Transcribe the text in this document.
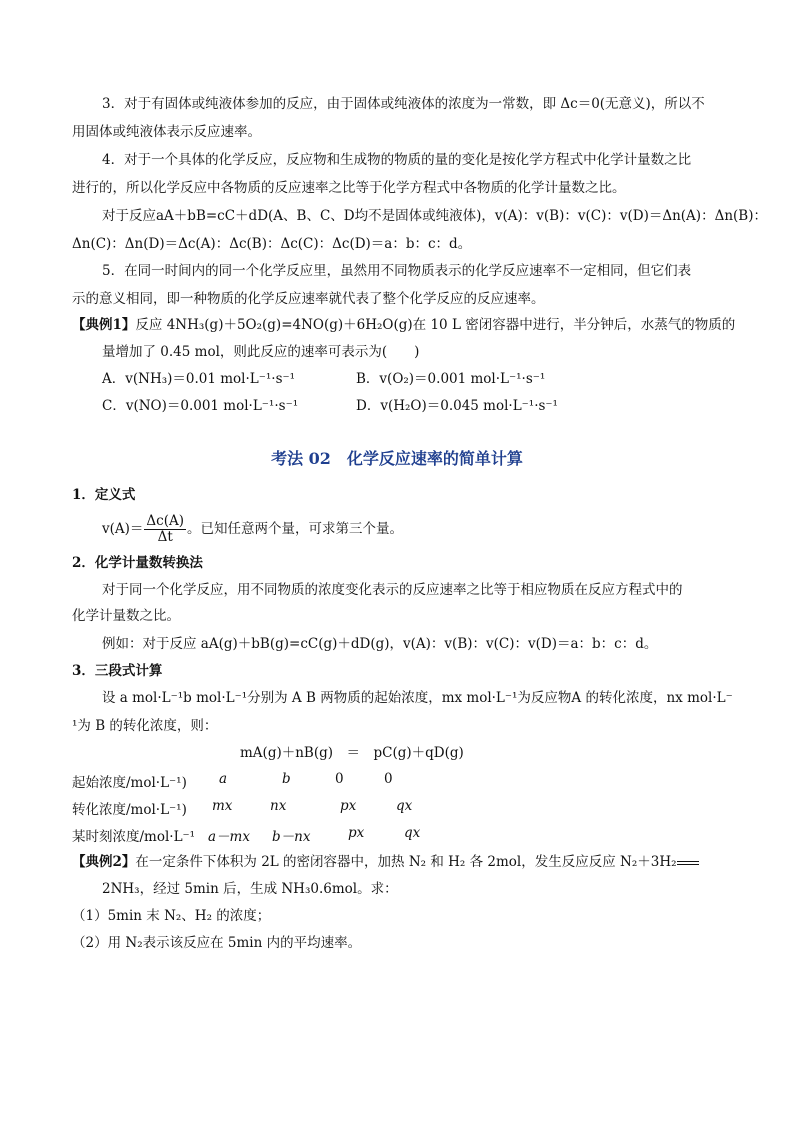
3．对于有固体或纯液体参加的反应，由于固体或纯液体的浓度为一常数，即 Δc＝0(无意义)，所以不
用固体或纯液体表示反应速率。
4．对于一个具体的化学反应，反应物和生成物的物质的量的变化是按化学方程式中化学计量数之比
进行的，所以化学反应中各物质的反应速率之比等于化学方程式中各物质的化学计量数之比。
对于反应aA＋bB=cC＋dD(A、B、C、D均不是固体或纯液体)，v(A)：v(B)：v(C)：v(D)＝Δn(A)：Δn(B)：
Δn(C)：Δn(D)＝Δc(A)：Δc(B)：Δc(C)：Δc(D)＝a：b：c：d。
5．在同一时间内的同一个化学反应里，虽然用不同物质表示的化学反应速率不一定相同，但它们表
示的意义相同，即一种物质的化学反应速率就代表了整个化学反应的反应速率。
【典例1】反应 4NH₃(g)＋5O₂(g)=4NO(g)＋6H₂O(g)在 10 L 密闭容器中进行，半分钟后，水蒸气的物质的
量增加了 0.45 mol，则此反应的速率可表示为(　　)
A．v(NH₃)＝0.01 mol·L⁻¹·s⁻¹	B．v(O₂)＝0.001 mol·L⁻¹·s⁻¹
C．v(NO)＝0.001 mol·L⁻¹·s⁻¹	D．v(H₂O)＝0.045 mol·L⁻¹·s⁻¹
考法 02　化学反应速率的简单计算
1．定义式
$v(A)= \frac{\Delta c(A)}{\Delta t}$ 。已知任意两个量，可求第三个量。
2．化学计量数转换法
对于同一个化学反应，用不同物质的浓度变化表示的反应速率之比等于相应物质在反应方程式中的
化学计量数之比。
例如：对于反应 aA(g)＋bB(g)=cC(g)＋dD(g)，v(A)：v(B)：v(C)：v(D)＝a：b：c：d。
3．三段式计算
设 a mol·L⁻¹b mol·L⁻¹分别为 A B 两物质的起始浓度，mx mol·L⁻¹为反应物A 的转化浓度，nx mol·L⁻
¹为 B 的转化浓度，则：
mA(g)＋nB(g)　＝　pC(g)＋qD(g)
起始浓度/mol·L⁻¹) a	b	0	0
转化浓度/mol·L⁻¹) mx	nx	px	qx
某时刻浓度/mol·L⁻¹ a－mx b－nx	px	qx
【典例2】在一定条件下体积为 2L 的密闭容器中，加热 N₂ 和 H₂ 各 2mol，发生反应反应 N₂＋3H₂
2NH₃，经过 5min 后，生成 NH₃0.6mol。求：
（1）5min 末 N₂、H₂ 的浓度；
（2）用 N₂表示该反应在 5min 内的平均速率。
